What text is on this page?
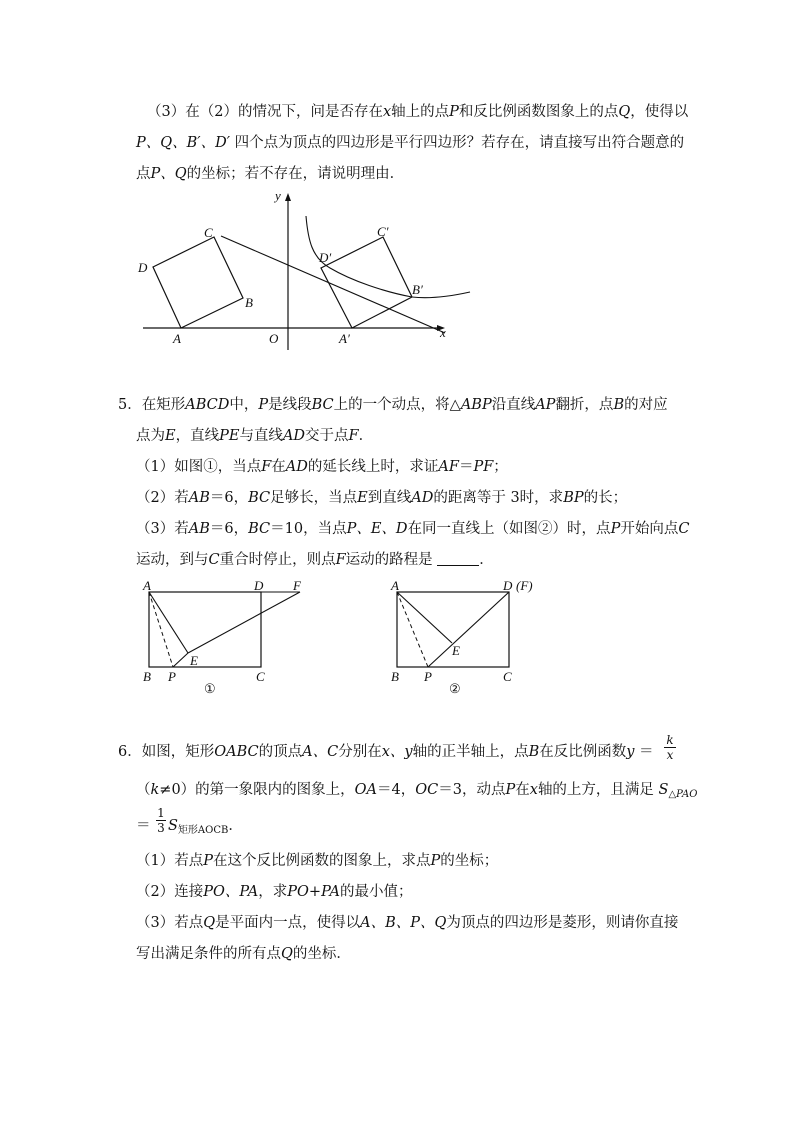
（3）在（2）的情况下，问是否存在x轴上的点P和反比例函数图象上的点Q，使得以
P、Q、B′、D′ 四个点为顶点的四边形是平行四边形？若存在，请直接写出符合题意的
点P、Q的坐标；若不存在，请说明理由．
y
C	C′
D
D′
B
B′
A	O	A′	x
5．在矩形ABCD中，P是线段BC上的一个动点，将△ABP沿直线AP翻折，点B的对应
点为E，直线PE与直线AD交于点F．
（1）如图①，当点F在AD的延长线上时，求证AF＝PF；
（2）若AB＝6，BC足够长，当点E到直线AD的距离等于 3时，求BP的长；
（3）若AB＝6，BC＝10，当点P、E、D在同一直线上（如图②）时，点P开始向点C
运动，到与C重合时停止，则点F运动的路程是	．
A	D F
E
B P	C
①
A	D (F)
E
B P	C
②
6．如图，矩形OABC的顶点A、C分别在x、y轴的正半轴上，点B在反比例函数y ＝
k
x
（k≠0）的第一象限内的图象上，OA＝4，OC＝3，动点P在x轴的上方，且满足 $S_{\triangle PAO}$
＝
1
3 $S_{矩形AOCB}$．
（1）若点P在这个反比例函数的图象上，求点P的坐标；
（2）连接PO、PA，求PO+PA的最小值；
（3）若点Q是平面内一点，使得以A、B、P、Q为顶点的四边形是菱形，则请你直接
写出满足条件的所有点Q的坐标．
